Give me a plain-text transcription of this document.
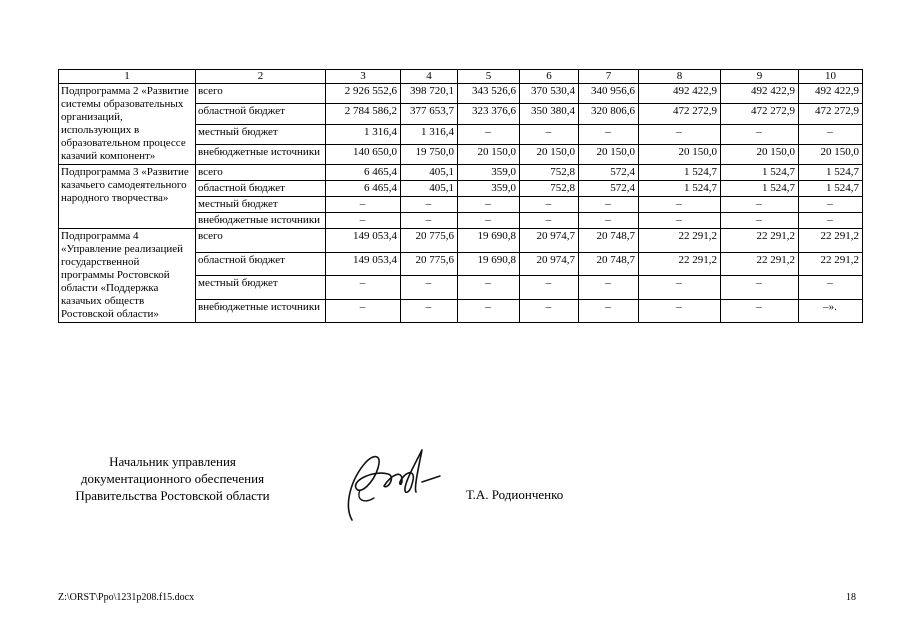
1	2	3	4	5	6	7	8	9	10
Подпрограмма 2 «Развитие системы образовательных организаций, использующих в образовательном процессе казачий компонент»	всего	2 926 552,6	398 720,1	343 526,6	370 530,4	340 956,6	492 422,9	492 422,9	492 422,9
	областной бюджет	2 784 586,2	377 653,7	323 376,6	350 380,4	320 806,6	472 272,9	472 272,9	472 272,9
	местный бюджет	1 316,4	1 316,4	–	–	–	–	–	–
	внебюджетные источники	140 650,0	19 750,0	20 150,0	20 150,0	20 150,0	20 150,0	20 150,0	20 150,0
Подпрограмма 3 «Развитие казачьего самодеятельного народного творчества»	всего	6 465,4	405,1	359,0	752,8	572,4	1 524,7	1 524,7	1 524,7
	областной бюджет	6 465,4	405,1	359,0	752,8	572,4	1 524,7	1 524,7	1 524,7
	местный бюджет	–	–	–	–	–	–	–	–
	внебюджетные источники	–	–	–	–	–	–	–	–
Подпрограмма 4 «Управление реализацией государственной программы Ростовской области «Поддержка казачьих обществ Ростовской области»	всего	149 053,4	20 775,6	19 690,8	20 974,7	20 748,7	22 291,2	22 291,2	22 291,2
	областной бюджет	149 053,4	20 775,6	19 690,8	20 974,7	20 748,7	22 291,2	22 291,2	22 291,2
	местный бюджет	–	–	–	–	–	–	–	–
	внебюджетные источники	–	–	–	–	–	–	–	–».
Начальник управления
документационного обеспечения
Правительства Ростовской области	Т.А. Родионченко
Z:\ORST\Ppo\1231p208.f15.docx	18
